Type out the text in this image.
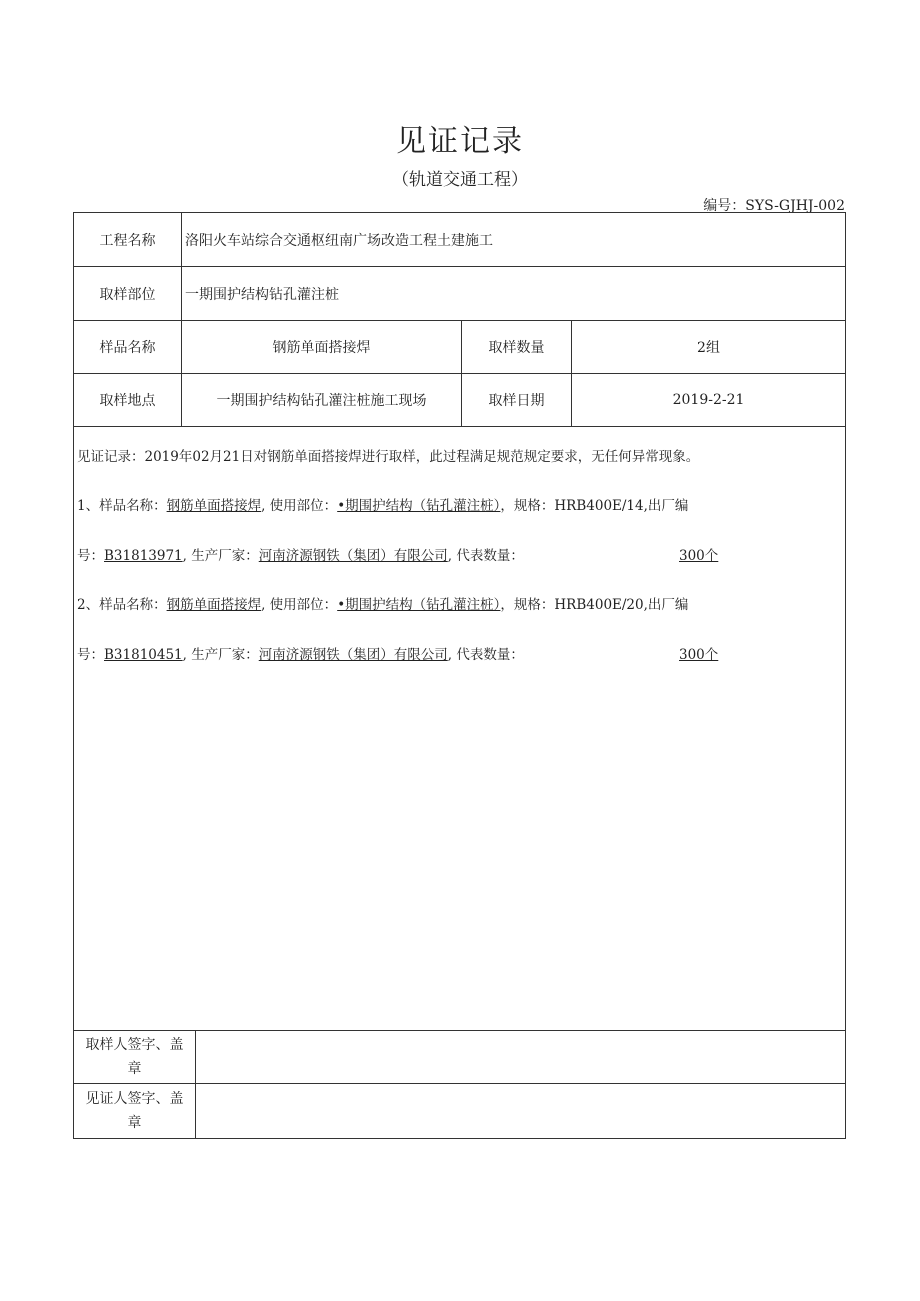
见证记录
（轨道交通工程）
编号：SYS-GJHJ-002
工程名称	洛阳火车站综合交通枢纽南广场改造工程土建施工
取样部位	一期围护结构钻孔灌注桩
样品名称	钢筋单面搭接焊	取样数量	2组
取样地点	一期围护结构钻孔灌注桩施工现场	取样日期	2019-2-21
见证记录：2019年02月21日对钢筋单面搭接焊进行取样，此过程满足规范规定要求，无任何异常现象。
1、样品名称：钢筋单面搭接焊, 使用部位：•期围护结构（钻孔灌注桩），规格：HRB400E/14,出厂编
号：B31813971, 生产厂家：河南济源钢铁（集团）有限公司, 代表数量：	300个
2、样品名称：钢筋单面搭接焊, 使用部位：•期围护结构（钻孔灌注桩），规格：HRB400E/20,出厂编
号：B31810451, 生产厂家：河南济源钢铁（集团）有限公司, 代表数量：	300个
取样人签字、盖章
见证人签字、盖章
